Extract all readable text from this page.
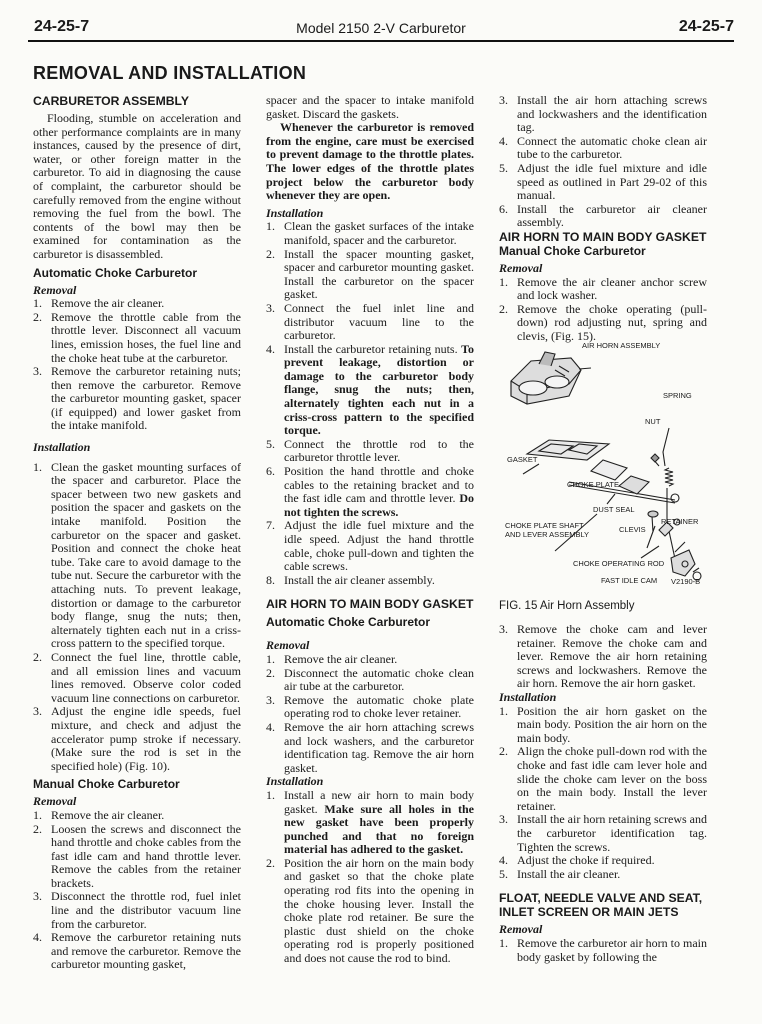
24-25-7	Model 2150 2-V Carburetor	24-25-7
REMOVAL AND INSTALLATION

CARBURETOR ASSEMBLY

Flooding, stumble on acceleration and other performance complaints are in many instances, caused by the presence of dirt, water, or other foreign matter in the carburetor. To aid in diagnosing the cause of complaint, the carburetor should be carefully removed from the engine without removing the fuel from the bowl. The contents of the bowl may then be examined for contamination as the carburetor is disassembled.

Automatic Choke Carburetor

Removal

1. Remove the air cleaner.
2. Remove the throttle cable from the throttle lever. Disconnect all vacuum lines, emission hoses, the fuel line and the choke heat tube at the carburetor.
3. Remove the carburetor retaining nuts; then remove the carburetor. Remove the carburetor mounting gasket, spacer (if equipped) and lower gasket from the intake manifold.

Installation

1. Clean the gasket mounting surfaces of the spacer and carburetor. Place the spacer between two new gaskets and position the spacer and gaskets on the intake manifold. Position the carburetor on the spacer and gasket. Position and connect the choke heat tube. Take care to avoid damage to the tube nut. Secure the carburetor with the attaching nuts. To prevent leakage, distortion or damage to the carburetor body flange, snug the nuts; then, alternately tighten each nut in a criss-cross pattern to the specified torque.
2. Connect the fuel line, throttle cable, and all emission lines and vacuum lines removed. Observe color coded vacuum line connections on carburetor.
3. Adjust the engine idle speeds, fuel mixture, and check and adjust the accelerator pump stroke if necessary. (Make sure the rod is set in the specified hole) (Fig. 10).

Manual Choke Carburetor

Removal

1. Remove the air cleaner.
2. Loosen the screws and disconnect the hand throttle and choke cables from the fast idle cam and hand throttle lever. Remove the cables from the retainer brackets.
3. Disconnect the throttle rod, fuel inlet line and the distributor vacuum line from the carburetor.
4. Remove the carburetor retaining nuts and remove the carburetor. Remove the carburetor mounting gasket,

spacer and the spacer to intake manifold gasket. Discard the gaskets.

Whenever the carburetor is removed from the engine, care must be exercised to prevent damage to the throttle plates. The lower edges of the throttle plates project below the carburetor body whenever they are open.

Installation

1. Clean the gasket surfaces of the intake manifold, spacer and the carburetor.
2. Install the spacer mounting gasket, spacer and carburetor mounting gasket. Install the carburetor on the spacer gasket.
3. Connect the fuel inlet line and distributor vacuum line to the carburetor.
4. Install the carburetor retaining nuts. To prevent leakage, distortion or damage to the carburetor body flange, snug the nuts; then, alternately tighten each nut in a criss-cross pattern to the specified torque.
5. Connect the throttle rod to the carburetor throttle lever.
6. Position the hand throttle and choke cables to the retaining bracket and to the fast idle cam and throttle lever. Do not tighten the screws.
7. Adjust the idle fuel mixture and the idle speed. Adjust the hand throttle cable, choke pull-down and tighten the cable screws.
8. Install the air cleaner assembly.

AIR HORN TO MAIN BODY GASKET

Automatic Choke Carburetor

Removal

1. Remove the air cleaner.
2. Disconnect the automatic choke clean air tube at the carburetor.
3. Remove the automatic choke plate operating rod to choke lever retainer.
4. Remove the air horn attaching screws and lock washers, and the carburetor identification tag. Remove the air horn gasket.

Installation

1. Install a new air horn to main body gasket. Make sure all holes in the new gasket have been properly punched and that no foreign material has adhered to the gasket.
2. Position the air horn on the main body and gasket so that the choke plate operating rod fits into the opening in the choke housing lever. Install the choke plate rod retainer. Be sure the plastic dust shield on the choke operating rod is properly positioned and does not cause the rod to bind.
3. Install the air horn attaching screws and lockwashers and the identification tag.
4. Connect the automatic choke clean air tube to the carburetor.
5. Adjust the idle fuel mixture and idle speed as outlined in Part 29-02 of this manual.
6. Install the carburetor air cleaner assembly.

AIR HORN TO MAIN BODY GASKET

Manual Choke Carburetor

Removal

1. Remove the air cleaner anchor screw and lock washer.
2. Remove the choke operating (pull-down) rod adjusting nut, spring and clevis, (Fig. 15).
AIR HORN ASSEMBLY
SPRING
NUT
GASKET
CHOKE PLATE
DUST SEAL
RETAINER
CHOKE PLATE SHAFT
AND LEVER ASSEMBLY
CLEVIS
CHOKE OPERATING ROD
FAST IDLE CAM V2190-B

FIG. 15 Air Horn Assembly

3. Remove the choke cam and lever retainer. Remove the choke cam and lever. Remove the air horn retaining screws and lockwashers. Remove the air horn. Remove the air horn gasket.

Installation

1. Position the air horn gasket on the main body. Position the air horn on the main body.
2. Align the choke pull-down rod with the choke and fast idle cam lever hole and slide the choke cam lever on the boss on the main body. Install the lever retainer.
3. Install the air horn retaining screws and the carburetor identification tag. Tighten the screws.
4. Adjust the choke if required.
5. Install the air cleaner.

FLOAT, NEEDLE VALVE AND SEAT, INLET SCREEN OR MAIN JETS

Removal

1. Remove the carburetor air horn to main body gasket by following the
